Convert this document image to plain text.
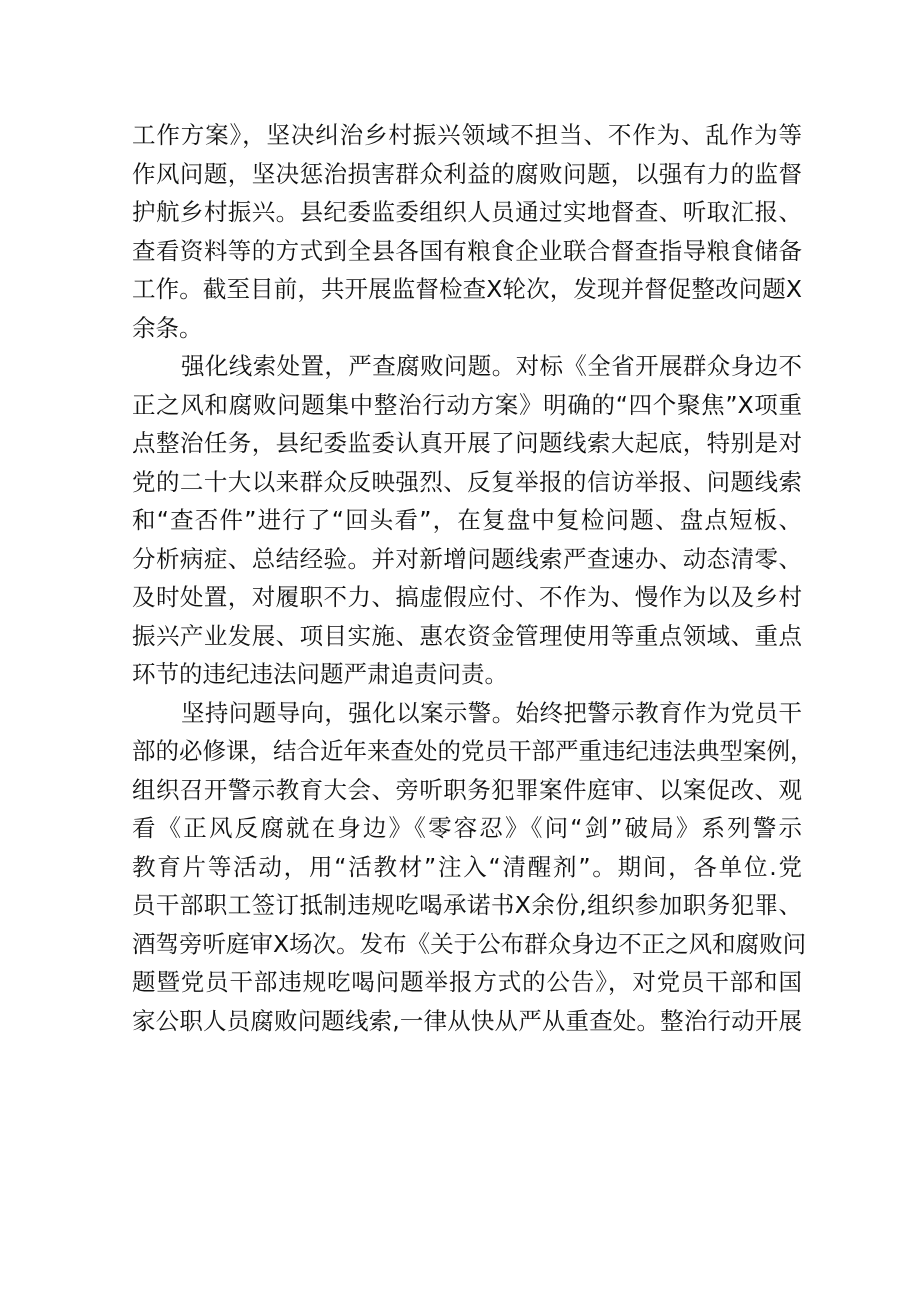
工作方案》，坚决纠治乡村振兴领域不担当、不作为、乱作为等
作风问题，坚决惩治损害群众利益的腐败问题，以强有力的监督
护航乡村振兴。县纪委监委组织人员通过实地督查、听取汇报、
查看资料等的方式到全县各国有粮食企业联合督查指导粮食储备
工作。截至目前，共开展监督检查X轮次，发现并督促整改问题X
余条。
强化线索处置，严查腐败问题。对标《全省开展群众身边不
正之风和腐败问题集中整治行动方案》明确的“四个聚焦”X项重
点整治任务，县纪委监委认真开展了问题线索大起底，特别是对
党的二十大以来群众反映强烈、反复举报的信访举报、问题线索
和“查否件”进行了“回头看”，在复盘中复检问题、盘点短板、
分析病症、总结经验。并对新增问题线索严查速办、动态清零、
及时处置，对履职不力、搞虚假应付、不作为、慢作为以及乡村
振兴产业发展、项目实施、惠农资金管理使用等重点领域、重点
环节的违纪违法问题严肃追责问责。
坚持问题导向，强化以案示警。始终把警示教育作为党员干
部的必修课，结合近年来查处的党员干部严重违纪违法典型案例，
组织召开警示教育大会、旁听职务犯罪案件庭审、以案促改、观
看《正风反腐就在身边》《零容忍》《问“剑”破局》系列警示
教育片等活动，用“活教材”注入“清醒剂”。期间，各单位.党
员干部职工签订抵制违规吃喝承诺书X余份,组织参加职务犯罪、
酒驾旁听庭审X场次。发布《关于公布群众身边不正之风和腐败问
题暨党员干部违规吃喝问题举报方式的公告》，对党员干部和国
家公职人员腐败问题线索,一律从快从严从重查处。整治行动开展
